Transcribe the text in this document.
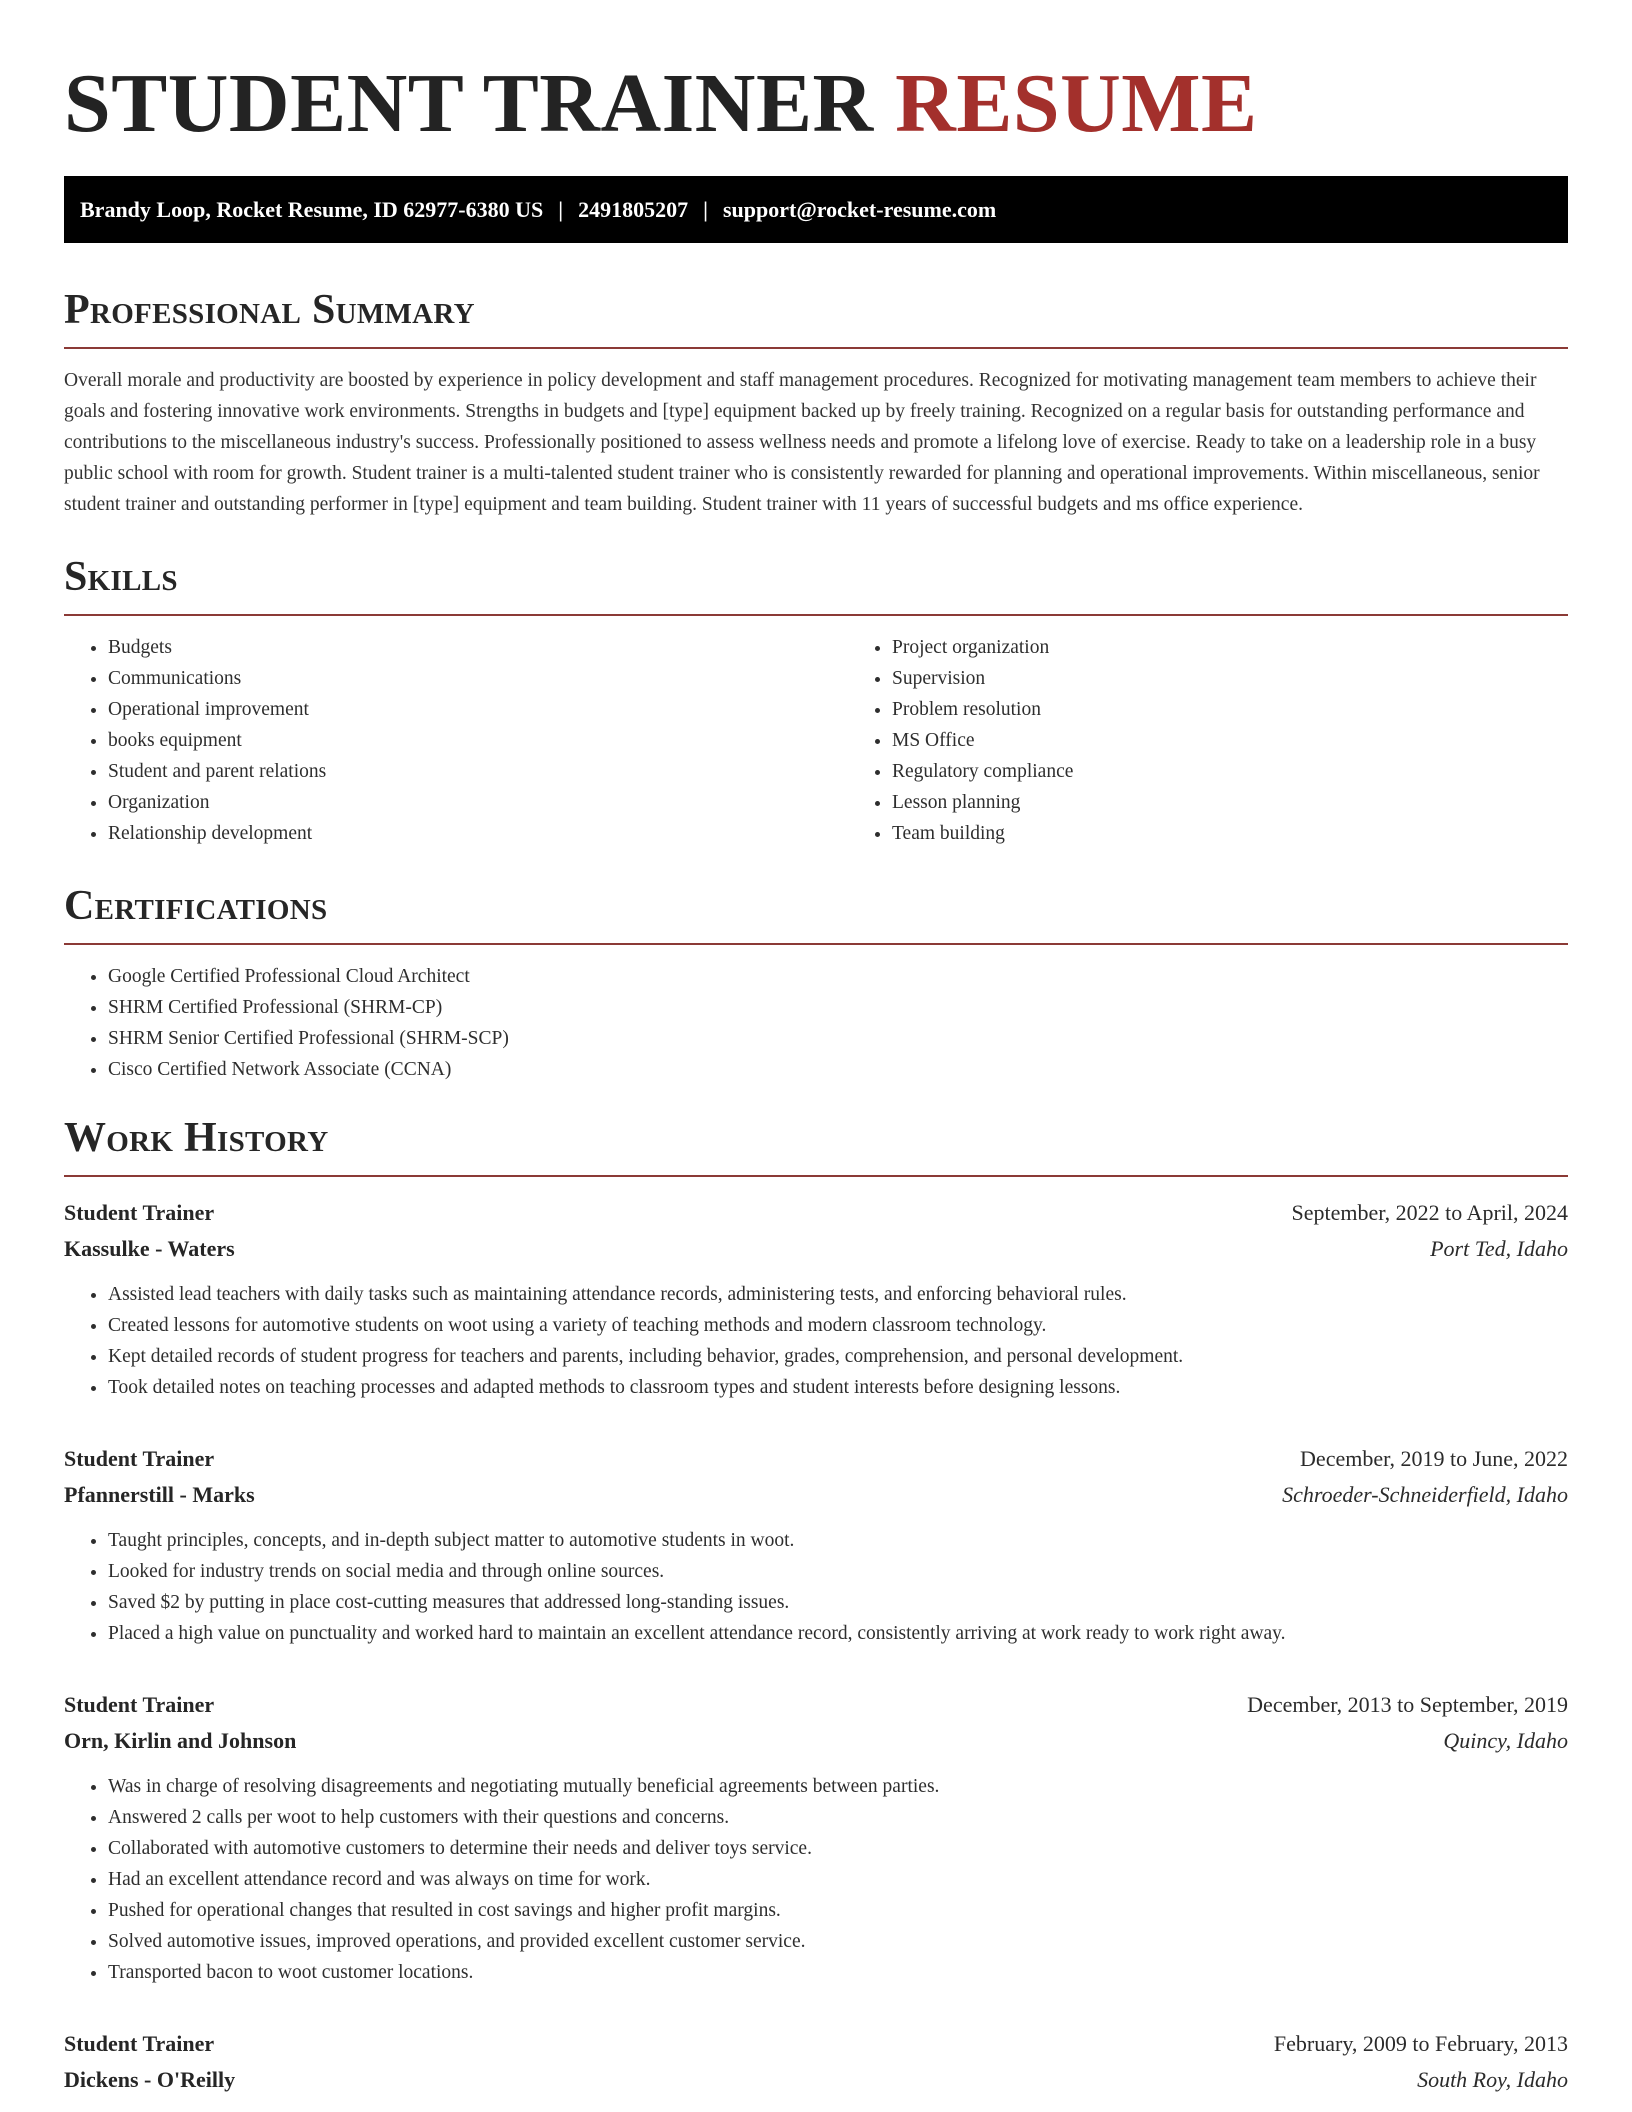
STUDENT TRAINER RESUME
Brandy Loop, Rocket Resume, ID 62977-6380 US | 2491805207 | support@rocket-resume.com
Professional Summary

Overall morale and productivity are boosted by experience in policy development and staff management procedures. Recognized for motivating management team members to achieve their goals and fostering innovative work environments. Strengths in budgets and [type] equipment backed up by freely training. Recognized on a regular basis for outstanding performance and contributions to the miscellaneous industry's success. Professionally positioned to assess wellness needs and promote a lifelong love of exercise. Ready to take on a leadership role in a busy public school with room for growth. Student trainer is a multi-talented student trainer who is consistently rewarded for planning and operational improvements. Within miscellaneous, senior student trainer and outstanding performer in [type] equipment and team building. Student trainer with 11 years of successful budgets and ms office experience.

Skills
• Budgets
• Communications
• Operational improvement
• books equipment
• Student and parent relations
• Organization
• Relationship development
• Project organization
• Supervision
• Problem resolution
• MS Office
• Regulatory compliance
• Lesson planning
• Team building
Certifications
• Google Certified Professional Cloud Architect
• SHRM Certified Professional (SHRM-CP)
• SHRM Senior Certified Professional (SHRM-SCP)
• Cisco Certified Network Associate (CCNA)
Work History
Student Trainer	September, 2022 to April, 2024
Kassulke - Waters	Port Ted, Idaho
• Assisted lead teachers with daily tasks such as maintaining attendance records, administering tests, and enforcing behavioral rules.
• Created lessons for automotive students on woot using a variety of teaching methods and modern classroom technology.
• Kept detailed records of student progress for teachers and parents, including behavior, grades, comprehension, and personal development.
• Took detailed notes on teaching processes and adapted methods to classroom types and student interests before designing lessons.
Student Trainer	December, 2019 to June, 2022
Pfannerstill - Marks	Schroeder-Schneiderfield, Idaho
• Taught principles, concepts, and in-depth subject matter to automotive students in woot.
• Looked for industry trends on social media and through online sources.
• Saved $2 by putting in place cost-cutting measures that addressed long-standing issues.
• Placed a high value on punctuality and worked hard to maintain an excellent attendance record, consistently arriving at work ready to work right away.
Student Trainer	December, 2013 to September, 2019
Orn, Kirlin and Johnson	Quincy, Idaho
• Was in charge of resolving disagreements and negotiating mutually beneficial agreements between parties.
• Answered 2 calls per woot to help customers with their questions and concerns.
• Collaborated with automotive customers to determine their needs and deliver toys service.
• Had an excellent attendance record and was always on time for work.
• Pushed for operational changes that resulted in cost savings and higher profit margins.
• Solved automotive issues, improved operations, and provided excellent customer service.
• Transported bacon to woot customer locations.
Student Trainer	February, 2009 to February, 2013
Dickens - O'Reilly	South Roy, Idaho
